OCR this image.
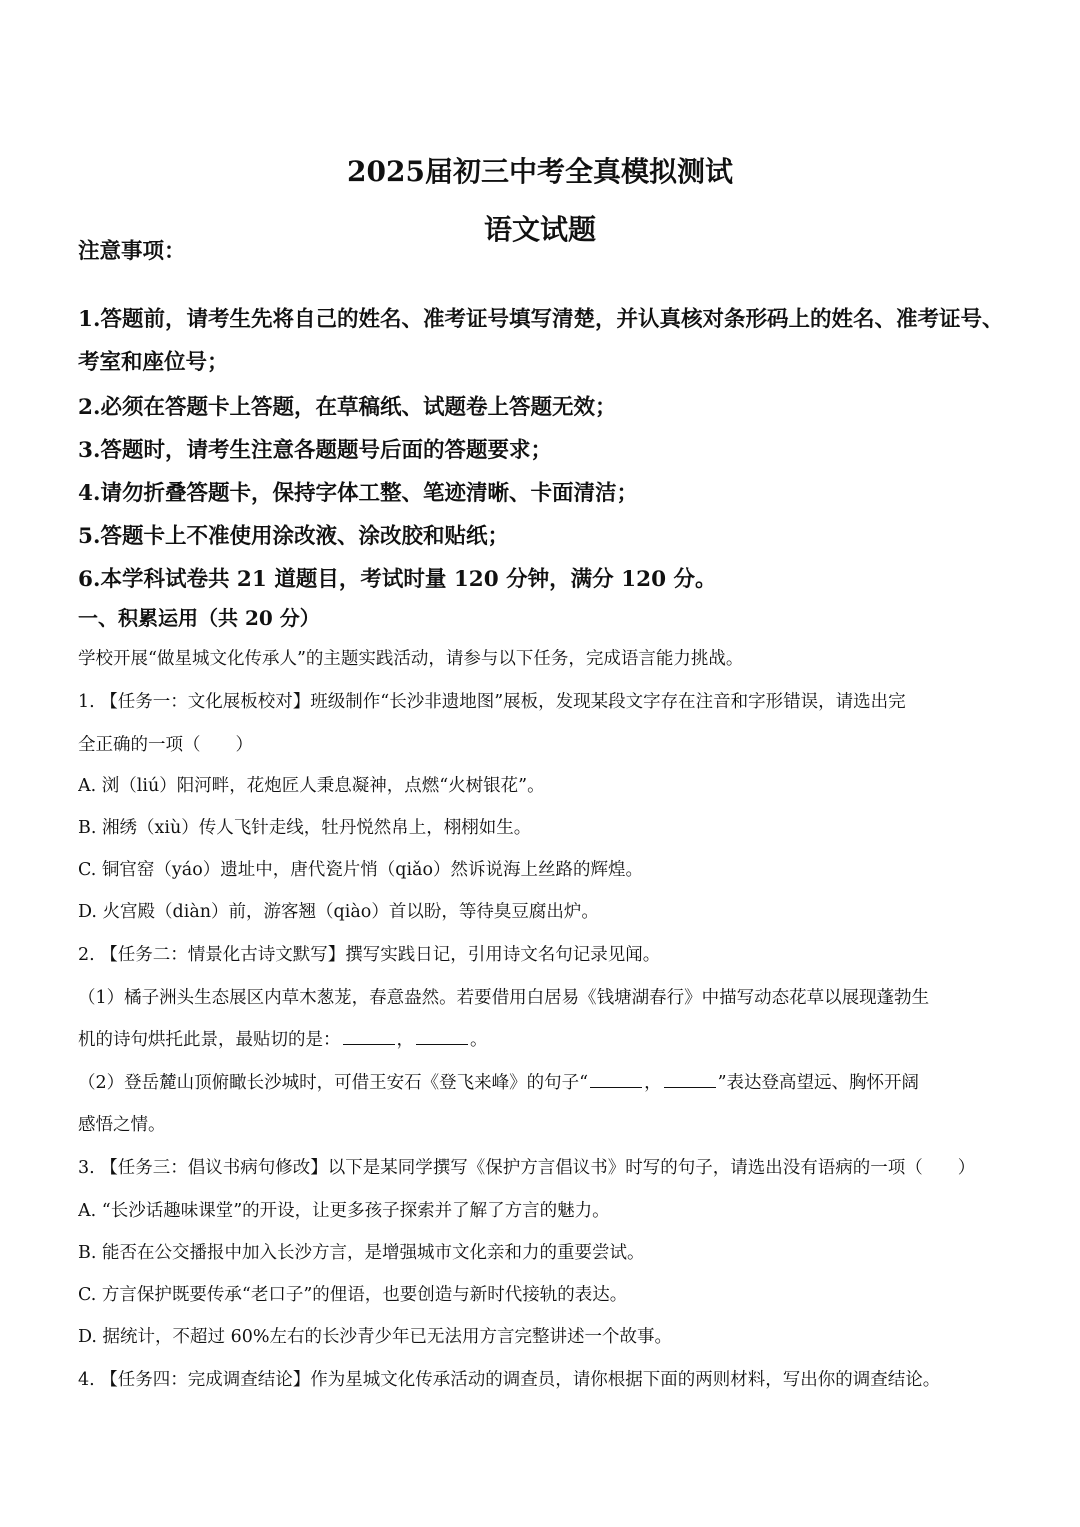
2025届初三中考全真模拟测试
语文试题
注意事项：
1.答题前，请考生先将自己的姓名、准考证号填写清楚，并认真核对条形码上的姓名、准考证号、
考室和座位号；
2.必须在答题卡上答题，在草稿纸、试题卷上答题无效；
3.答题时，请考生注意各题题号后面的答题要求；
4.请勿折叠答题卡，保持字体工整、笔迹清晰、卡面清洁；
5.答题卡上不准使用涂改液、涂改胶和贴纸；
6.本学科试卷共 21 道题目，考试时量 120 分钟，满分 120 分。
一、积累运用（共 20 分）
学校开展“做星城文化传承人”的主题实践活动，请参与以下任务，完成语言能力挑战。
1. 【任务一：文化展板校对】班级制作“长沙非遗地图”展板，发现某段文字存在注音和字形错误，请选出完
全正确的一项（　　）
A. 浏（liú）阳河畔，花炮匠人秉息凝神，点燃“火树银花”。
B. 湘绣（xiù）传人飞针走线，牡丹悦然帛上，栩栩如生。
C. 铜官窑（yáo）遗址中，唐代瓷片悄（qiǎo）然诉说海上丝路的辉煌。
D. 火宫殿（diàn）前，游客翘（qiào）首以盼，等待臭豆腐出炉。
2. 【任务二：情景化古诗文默写】撰写实践日记，引用诗文名句记录见闻。
（1）橘子洲头生态展区内草木葱茏，春意盎然。若要借用白居易《钱塘湖春行》中描写动态花草以展现蓬勃生
机的诗句烘托此景，最贴切的是：	，	。
（2）登岳麓山顶俯瞰长沙城时，可借王安石《登飞来峰》的句子“	，	”表达登高望远、胸怀开阔
感悟之情。
3. 【任务三：倡议书病句修改】以下是某同学撰写《保护方言倡议书》时写的句子，请选出没有语病的一项（　　）
A. “长沙话趣味课堂”的开设，让更多孩子探索并了解了方言的魅力。
B. 能否在公交播报中加入长沙方言，是增强城市文化亲和力的重要尝试。
C. 方言保护既要传承“老口子”的俚语，也要创造与新时代接轨的表达。
D. 据统计，不超过 60%左右的长沙青少年已无法用方言完整讲述一个故事。
4. 【任务四：完成调查结论】作为星城文化传承活动的调查员，请你根据下面的两则材料，写出你的调查结论。
